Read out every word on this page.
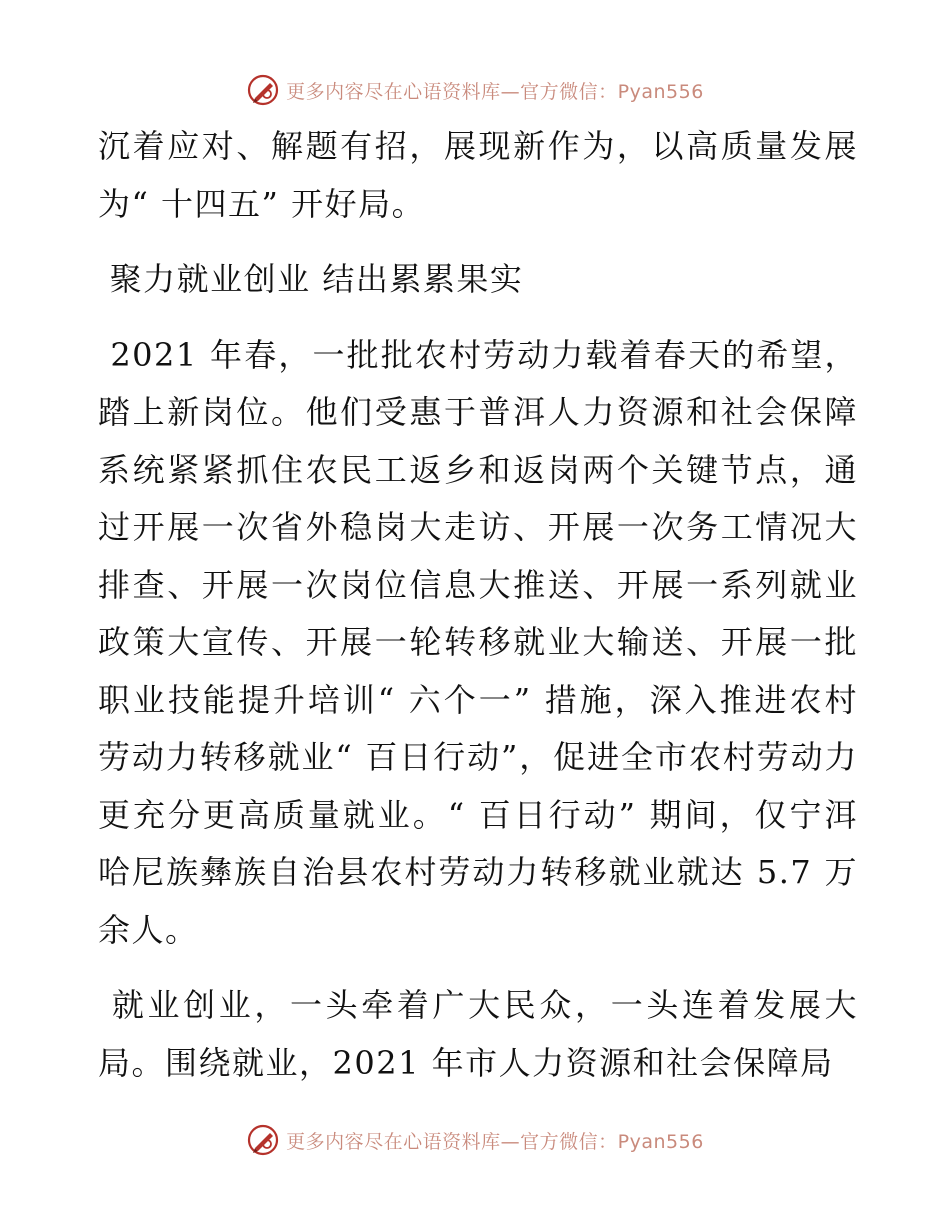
更多内容尽在心语资料库—官方微信：Pyan556

沉着应对、解题有招，展现新作为，以高质量发展为“ 十四五” 开好局。

聚力就业创业 结出累累果实

2021 年春，一批批农村劳动力载着春天的希望，踏上新岗位。他们受惠于普洱人力资源和社会保障系统紧紧抓住农民工返乡和返岗两个关键节点，通过开展一次省外稳岗大走访、开展一次务工情况大排查、开展一次岗位信息大推送、开展一系列就业政策大宣传、开展一轮转移就业大输送、开展一批职业技能提升培训“ 六个一” 措施，深入推进农村劳动力转移就业“ 百日行动”，促进全市农村劳动力更充分更高质量就业。“ 百日行动” 期间，仅宁洱哈尼族彝族自治县农村劳动力转移就业就达 5.7 万余人。

就业创业，一头牵着广大民众，一头连着发展大局。围绕就业，2021 年市人力资源和社会保障局

更多内容尽在心语资料库—官方微信：Pyan556
